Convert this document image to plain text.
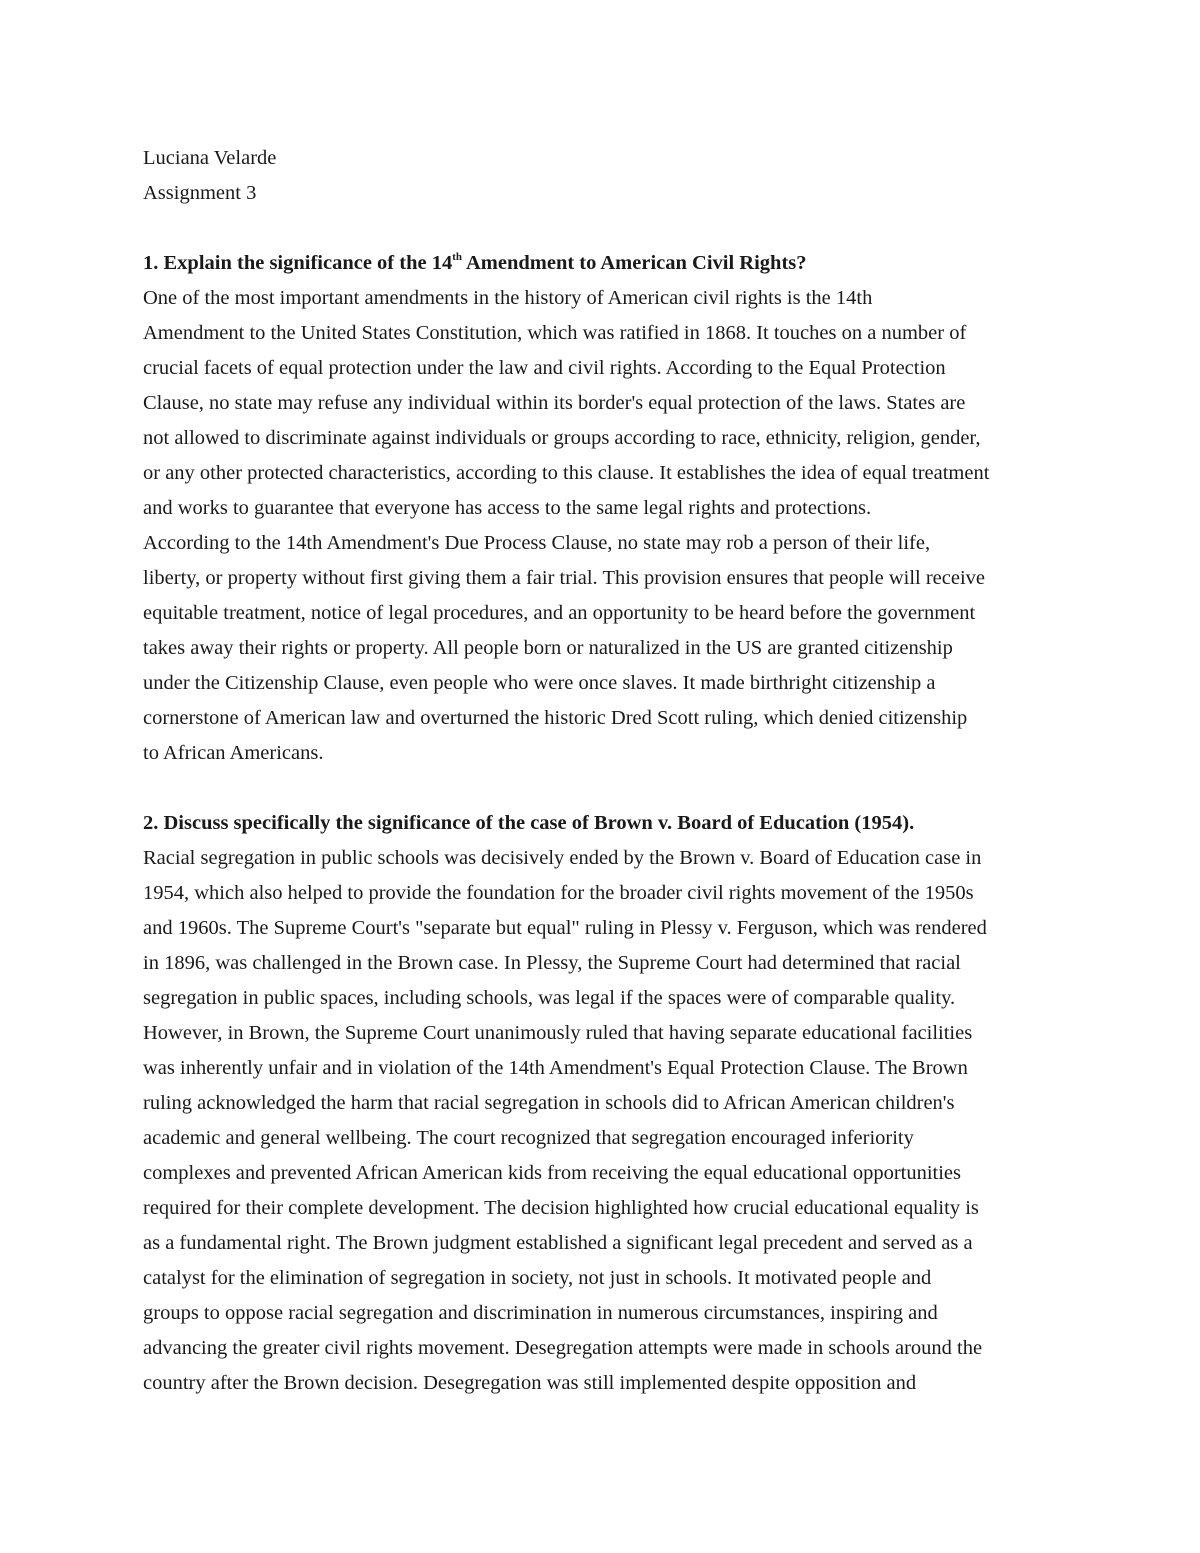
Luciana Velarde
Assignment 3
1. Explain the significance of the 14th Amendment to American Civil Rights?
One of the most important amendments in the history of American civil rights is the 14th
Amendment to the United States Constitution, which was ratified in 1868. It touches on a number of
crucial facets of equal protection under the law and civil rights. According to the Equal Protection
Clause, no state may refuse any individual within its border's equal protection of the laws. States are
not allowed to discriminate against individuals or groups according to race, ethnicity, religion, gender,
or any other protected characteristics, according to this clause. It establishes the idea of equal treatment
and works to guarantee that everyone has access to the same legal rights and protections.
According to the 14th Amendment's Due Process Clause, no state may rob a person of their life,
liberty, or property without first giving them a fair trial. This provision ensures that people will receive
equitable treatment, notice of legal procedures, and an opportunity to be heard before the government
takes away their rights or property. All people born or naturalized in the US are granted citizenship
under the Citizenship Clause, even people who were once slaves. It made birthright citizenship a
cornerstone of American law and overturned the historic Dred Scott ruling, which denied citizenship
to African Americans.
2. Discuss specifically the significance of the case of Brown v. Board of Education (1954).
Racial segregation in public schools was decisively ended by the Brown v. Board of Education case in
1954, which also helped to provide the foundation for the broader civil rights movement of the 1950s
and 1960s. The Supreme Court's "separate but equal" ruling in Plessy v. Ferguson, which was rendered
in 1896, was challenged in the Brown case. In Plessy, the Supreme Court had determined that racial
segregation in public spaces, including schools, was legal if the spaces were of comparable quality.
However, in Brown, the Supreme Court unanimously ruled that having separate educational facilities
was inherently unfair and in violation of the 14th Amendment's Equal Protection Clause. The Brown
ruling acknowledged the harm that racial segregation in schools did to African American children's
academic and general wellbeing. The court recognized that segregation encouraged inferiority
complexes and prevented African American kids from receiving the equal educational opportunities
required for their complete development. The decision highlighted how crucial educational equality is
as a fundamental right. The Brown judgment established a significant legal precedent and served as a
catalyst for the elimination of segregation in society, not just in schools. It motivated people and
groups to oppose racial segregation and discrimination in numerous circumstances, inspiring and
advancing the greater civil rights movement. Desegregation attempts were made in schools around the
country after the Brown decision. Desegregation was still implemented despite opposition and
